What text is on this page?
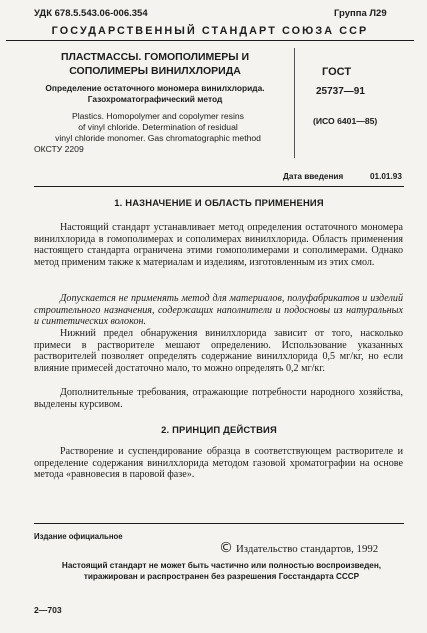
УДК 678.5.543.06-006.354	Группа Л29
ГОСУДАРСТВЕННЫЙ СТАНДАРТ СОЮЗА ССР
ПЛАСТМАССЫ. ГОМОПОЛИМЕРЫ И
СОПОЛИМЕРЫ ВИНИЛХЛОРИДА
Определение остаточного мономера винилхлорида.
Газохроматографический метод
Plastics. Homopolymer and copolymer resins
of vinyl chloride. Determination of residual
vinyl chloride monomer. Gas chromatographic method
ОКСТУ 2209
ГОСТ
25737—91
(ИСО 6401—85)
Дата введения	01.01.93
1. НАЗНАЧЕНИЕ И ОБЛАСТЬ ПРИМЕНЕНИЯ
Настоящий стандарт устанавливает метод определения остаточного мономера винилхлорида в гомополимерах и сополимерах винилхлорида. Область применения настоящего стандарта ограничена этими гомополимерами и сополимерами. Однако метод применим также к материалам и изделиям, изготовленным из этих смол.
Допускается не применять метод для материалов, полуфабрикатов и изделий строительного назначения, содержащих наполнители и подосновы из натуральных и синтетических волокон.
Нижний предел обнаружения винилхлорида зависит от того, насколько примеси в растворителе мешают определению. Использование указанных растворителей позволяет определять содержание винилхлорида 0,5 мг/кг, но если влияние примесей достаточно мало, то можно определять 0,2 мг/кг.
Дополнительные требования, отражающие потребности народного хозяйства, выделены курсивом.
2. ПРИНЦИП ДЕЙСТВИЯ
Растворение и суспендирование образца в соответствующем растворителе и определение содержания винилхлорида методом газовой хроматографии на основе метода «равновесия в паровой фазе».
Издание официальное
© Издательство стандартов, 1992
Настоящий стандарт не может быть частично или полностью воспроизведен,
тиражирован и распространен без разрешения Госстандарта СССР
2—703
